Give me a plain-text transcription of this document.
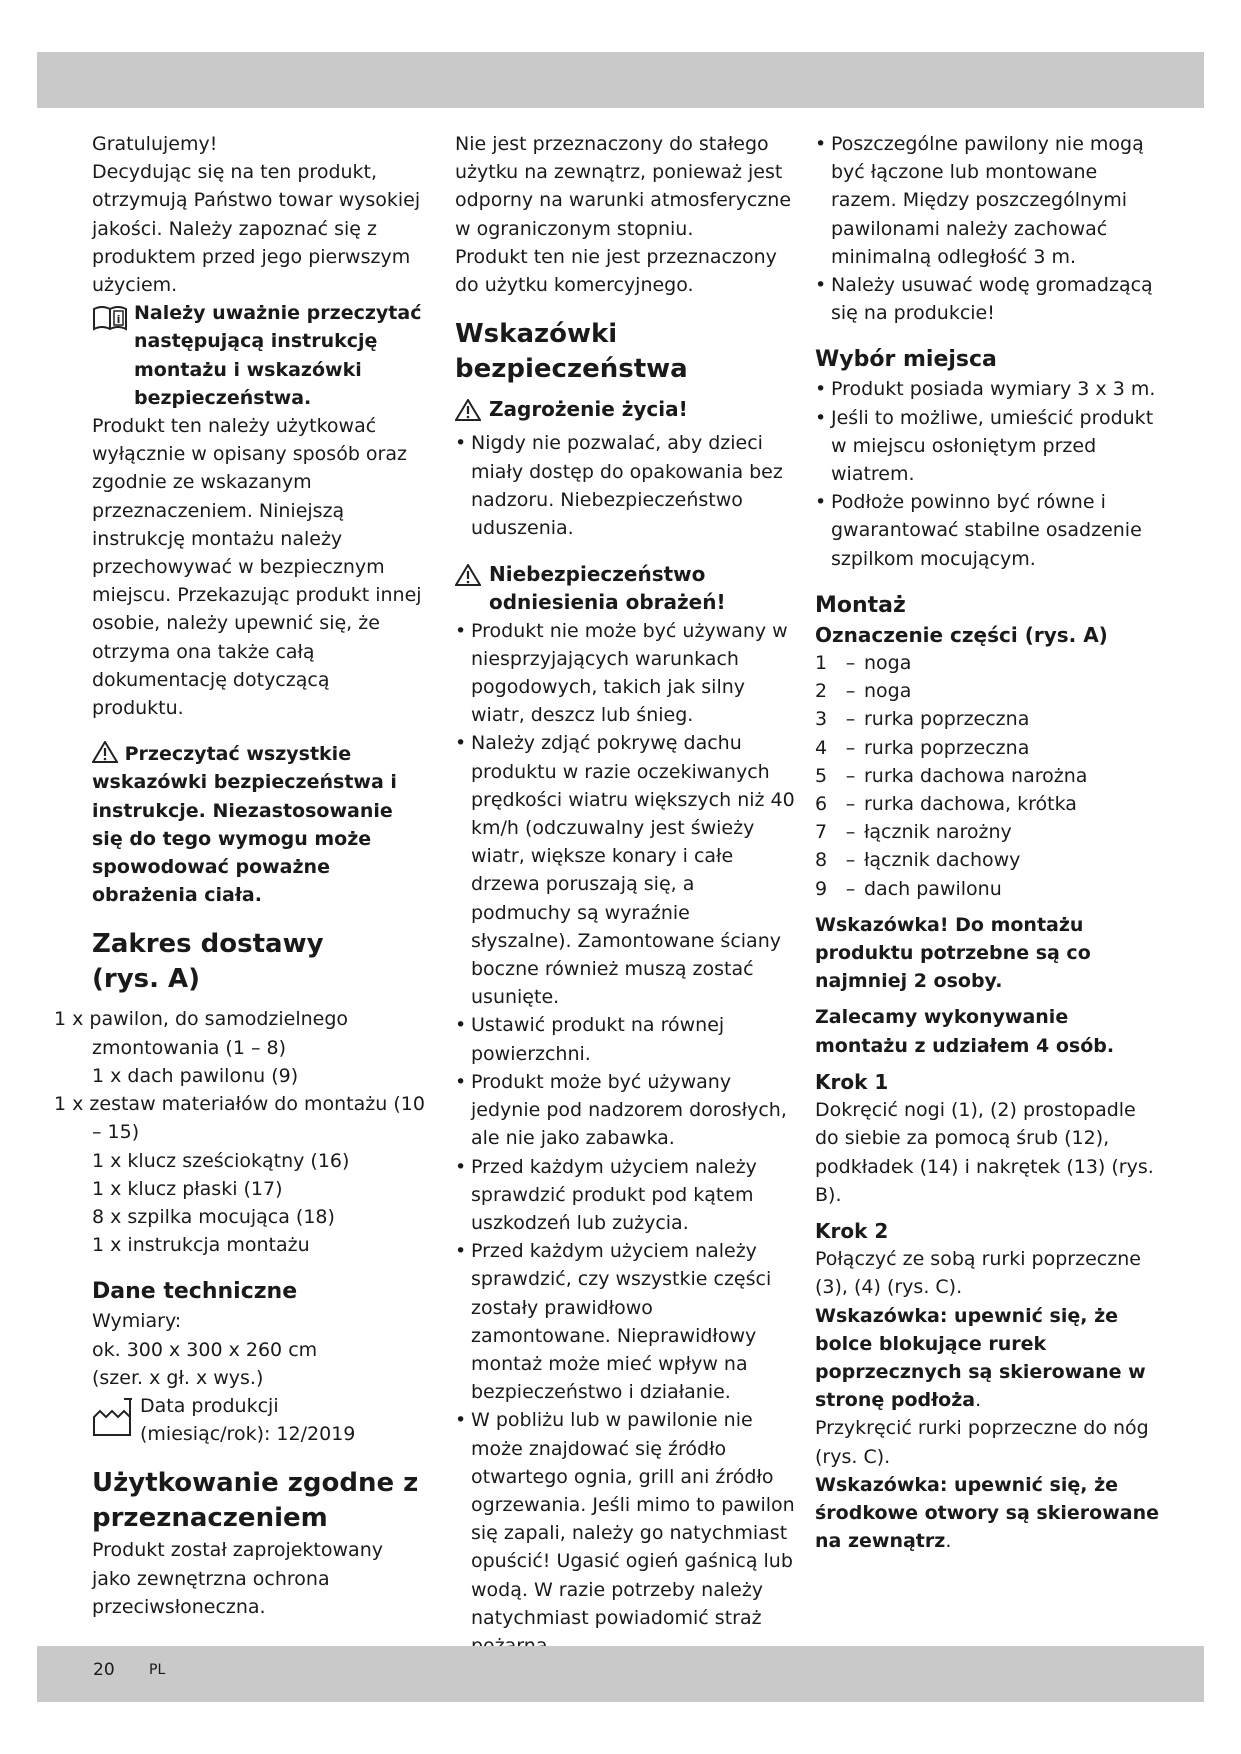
Gratulujemy!

Decydując się na ten produkt, otrzymują Państwo towar wysokiej jakości. Należy zapoznać się z produktem przed jego pierwszym użyciem.

i Należy uważnie przeczytać następującą instrukcję montażu i wskazówki bezpieczeństwa.

Produkt ten należy użytkować wyłącznie w opisany sposób oraz zgodnie ze wskazanym przeznaczeniem. Niniejszą instrukcję montażu należy przechowywać w bezpiecznym miejscu. Przekazując produkt innej osobie, należy upewnić się, że otrzyma ona także całą dokumentację dotyczącą produktu.

Przeczytać wszystkie wskazówki bezpieczeństwa i instrukcje. Niezastosowanie się do tego wymogu może spowodować poważne obrażenia ciała.

Zakres dostawy
(rys. A)

1 x pawilon, do samodzielnego zmontowania (1 – 8)
1 x dach pawilonu (9)
1 x zestaw materiałów do montażu (10 – 15)
1 x klucz sześciokątny (16)
1 x klucz płaski (17)
8 x szpilka mocująca (18)
1 x instrukcja montażu

Dane techniczne

Wymiary:

ok. 300 x 300 x 260 cm

(szer. x gł. x wys.)

Data produkcji
(miesiąc/rok): 12/2019

Użytkowanie zgodne z przeznaczeniem

Produkt został zaprojektowany jako zewnętrzna ochrona przeciwsłoneczna.

Nie jest przeznaczony do stałego użytku na zewnątrz, ponieważ jest odporny na warunki atmosferyczne w ograniczonym stopniu.

Produkt ten nie jest przeznaczony do użytku komercyjnego.

Wskazówki bezpieczeństwa

Zagrożenie życia!

• Nigdy nie pozwalać, aby dzieci miały dostęp do opakowania bez nadzoru. Niebezpieczeństwo uduszenia.

Niebezpieczeństwo odniesienia obrażeń!

• Produkt nie może być używany w niesprzyjających warunkach pogodowych, takich jak silny wiatr, deszcz lub śnieg.
• Należy zdjąć pokrywę dachu produktu w razie oczekiwanych prędkości wiatru większych niż 40 km/h (odczuwalny jest świeży wiatr, większe konary i całe drzewa poruszają się, a podmuchy są wyraźnie słyszalne). Zamontowane ściany boczne również muszą zostać usunięte.
• Ustawić produkt na równej powierzchni.
• Produkt może być używany jedynie pod nadzorem dorosłych, ale nie jako zabawka.
• Przed każdym użyciem należy sprawdzić produkt pod kątem uszkodzeń lub zużycia.
• Przed każdym użyciem należy sprawdzić, czy wszystkie części zostały prawidłowo zamontowane. Nieprawidłowy montaż może mieć wpływ na bezpieczeństwo i działanie.
• W pobliżu lub w pawilonie nie może znajdować się źródło otwartego ognia, grill ani źródło ogrzewania. Jeśli mimo to pawilon się zapali, należy go natychmiast opuścić! Ugasić ogień gaśnicą lub wodą. W razie potrzeby należy natychmiast powiadomić straż
• Poszczególne pawilony nie mogą być łączone lub montowane razem. Między poszczególnymi pawilonami należy zachować minimalną odległość 3 m.
• Należy usuwać wodę gromadzącą się na produkcie!

Wybór miejsca

• Produkt posiada wymiary 3 x 3 m.
• Jeśli to możliwe, umieścić produkt w miejscu osłoniętym przed wiatrem.
• Podłoże powinno być równe i gwarantować stabilne osadzenie szpilkom mocującym.

Montaż

Oznaczenie części (rys. A)

1 – noga
2 – noga
3 – rurka poprzeczna
4 – rurka poprzeczna
5 – rurka dachowa narożna
6 – rurka dachowa, krótka
7 – łącznik narożny
8 – łącznik dachowy
9 – dach pawilonu

Wskazówka! Do montażu produktu potrzebne są co najmniej 2 osoby.

Zalecamy wykonywanie montażu z udziałem 4 osób.

Krok 1

Dokręcić nogi (1), (2) prostopadle do siebie za pomocą śrub (12), podkładek (14) i nakrętek (13) (rys. B).

Krok 2

Połączyć ze sobą rurki poprzeczne (3), (4) (rys. C).

Wskazówka: upewnić się, że bolce blokujące rurek poprzecznych są skierowane w stronę podłoża.

Przykręcić rurki poprzeczne do nóg (rys. C).

Wskazówka: upewnić się, że środkowe otwory są skierowane na zewnątrz.

20 PL
